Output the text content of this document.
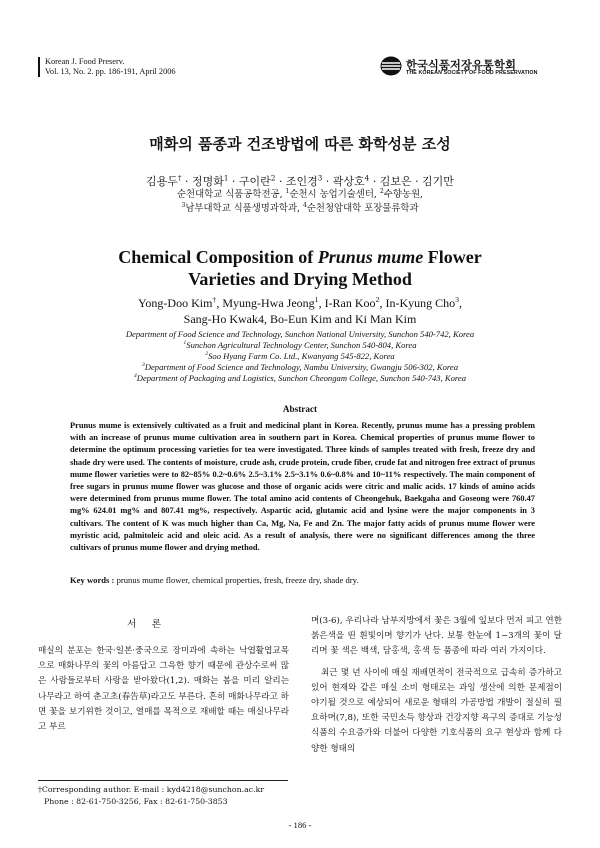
Korean J. Food Preserv.
Vol. 13, No. 2. pp. 186-191, April 2006	한국식품저장유통학회
THE KOREAN SOCIETY OF FOOD PRESERVATION
매화의 품종과 건조방법에 따른 화학성분 조성
김용두† · 정명화$^1$ · 구이란$^2$ · 조인경$^3$ · 곽상호$^4$ · 김보은 · 김기만
순천대학교 식품공학전공, $^1$순천시 농업기술센터, $^2$수향농원,
$^3$남부대학교 식품생명과학과, $^4$순천청암대학 포장물류학과
Chemical Composition of Prunus mume Flower
Varieties and Drying Method
Yong-Doo Kim†, Myung-Hwa Jeong$^1$, I-Ran Koo$^2$, In-Kyung Cho$^3$,
Sang-Ho Kwak4, Bo-Eun Kim and Ki Man Kim
Department of Food Science and Technology, Sunchon National University, Sunchon 540-742, Korea
$^1$Sunchon Agricultural Technology Center, Sunchon 540-804, Korea
$^2$Soo Hyang Farm Co. Ltd., Kwanyang 545-822, Korea
$^3$Department of Food Science and Technology, Nambu University, Gwangju 506-302, Korea
$^4$Department of Packaging and Logistics, Sunchon Cheongam College, Sunchon 540-743, Korea
Abstract
Prunus mume is extensively cultivated as a fruit and medicinal plant in Korea. Recently, prunus mume has a pressing problem with an increase of prunus mume cultivation area in southern part in Korea. Chemical properties of prunus mume flower to determine the optimum processing varieties for tea were investigated. Three kinds of samples treated with fresh, freeze dry and shade dry were used. The contents of moisture, crude ash, crude protein, crude fiber, crude fat and nitrogen free extract of prunus mume flower varieties were to 82~85% 0.2~0.6% 2.5~3.1% 2.5~3.1% 0.6~0.8% and 10~11% respectively. The main component of free sugars in prunus mume flower was glucose and those of organic acids were citric and malic acids. 17 kinds of amino acids were determined from prunus mume flower. The total amino acid contents of Cheongehuk, Baekgaha and Goseong were 760.47 mg% 624.01 mg% and 807.41 mg%, respectively. Aspartic acid, glutamic acid and lysine were the major components in 3 cultivars. The content of K was much higher than Ca, Mg, Na, Fe and Zn. The major fatty acids of prunus mume flower were myristic acid, palmitoleic acid and oleic acid. As a result of analysis, there were no significant differences among the three cultivars of prunus mume flower and drying method.
Key words : prunus mume flower, chemical properties, fresh, freeze dry, shade dry.
서 론
매실의 분포는 한국·일본·중국으로 장미과에 속하는 낙엽활엽교목으로 매화나무의 꽃의 아름답고 그윽한 향기 때문에 관상수로써 많은 사람들로부터 사랑을 받아왔다(1,2). 매화는 봄을 미리 알리는 나무라고 하여 춘고초(春告草)라고도 부른다. 흔히 매화나무라고 하면 꽃을 보기위한 것이고, 열매를 목적으로 재배할 때는 매실나무라고 부르
며(3-6), 우리나라 남부지방에서 꽃은 3월에 잎보다 먼저 피고 연한 붉은색을 띤 흰빛이며 향기가 난다. 보통 한눈에 1~3개의 꽃이 달리며 꽃 색은 백색, 담홍색, 홍색 등 품종에 따라 여러 가지이다.
최근 몇 년 사이에 매실 재배면적이 전국적으로 급속히 증가하고 있어 현재와 같은 매실 소비 형태로는 과잉 생산에 의한 문제점이 야기될 것으로 예상되어 새로운 형태의 가공방법 개발이 절실히 필요하며(7,8), 또한 국민소득 향상과 건강지향 욕구의 증대로 기능성 식품의 수요증가와 더불어 다양한 기호식품의 요구 현상과 함께 다양한 형태의
†Corresponding author. E-mail : kyd4218@sunchon.ac.kr
Phone : 82-61-750-3256, Fax : 82-61-750-3853
- 186 -
